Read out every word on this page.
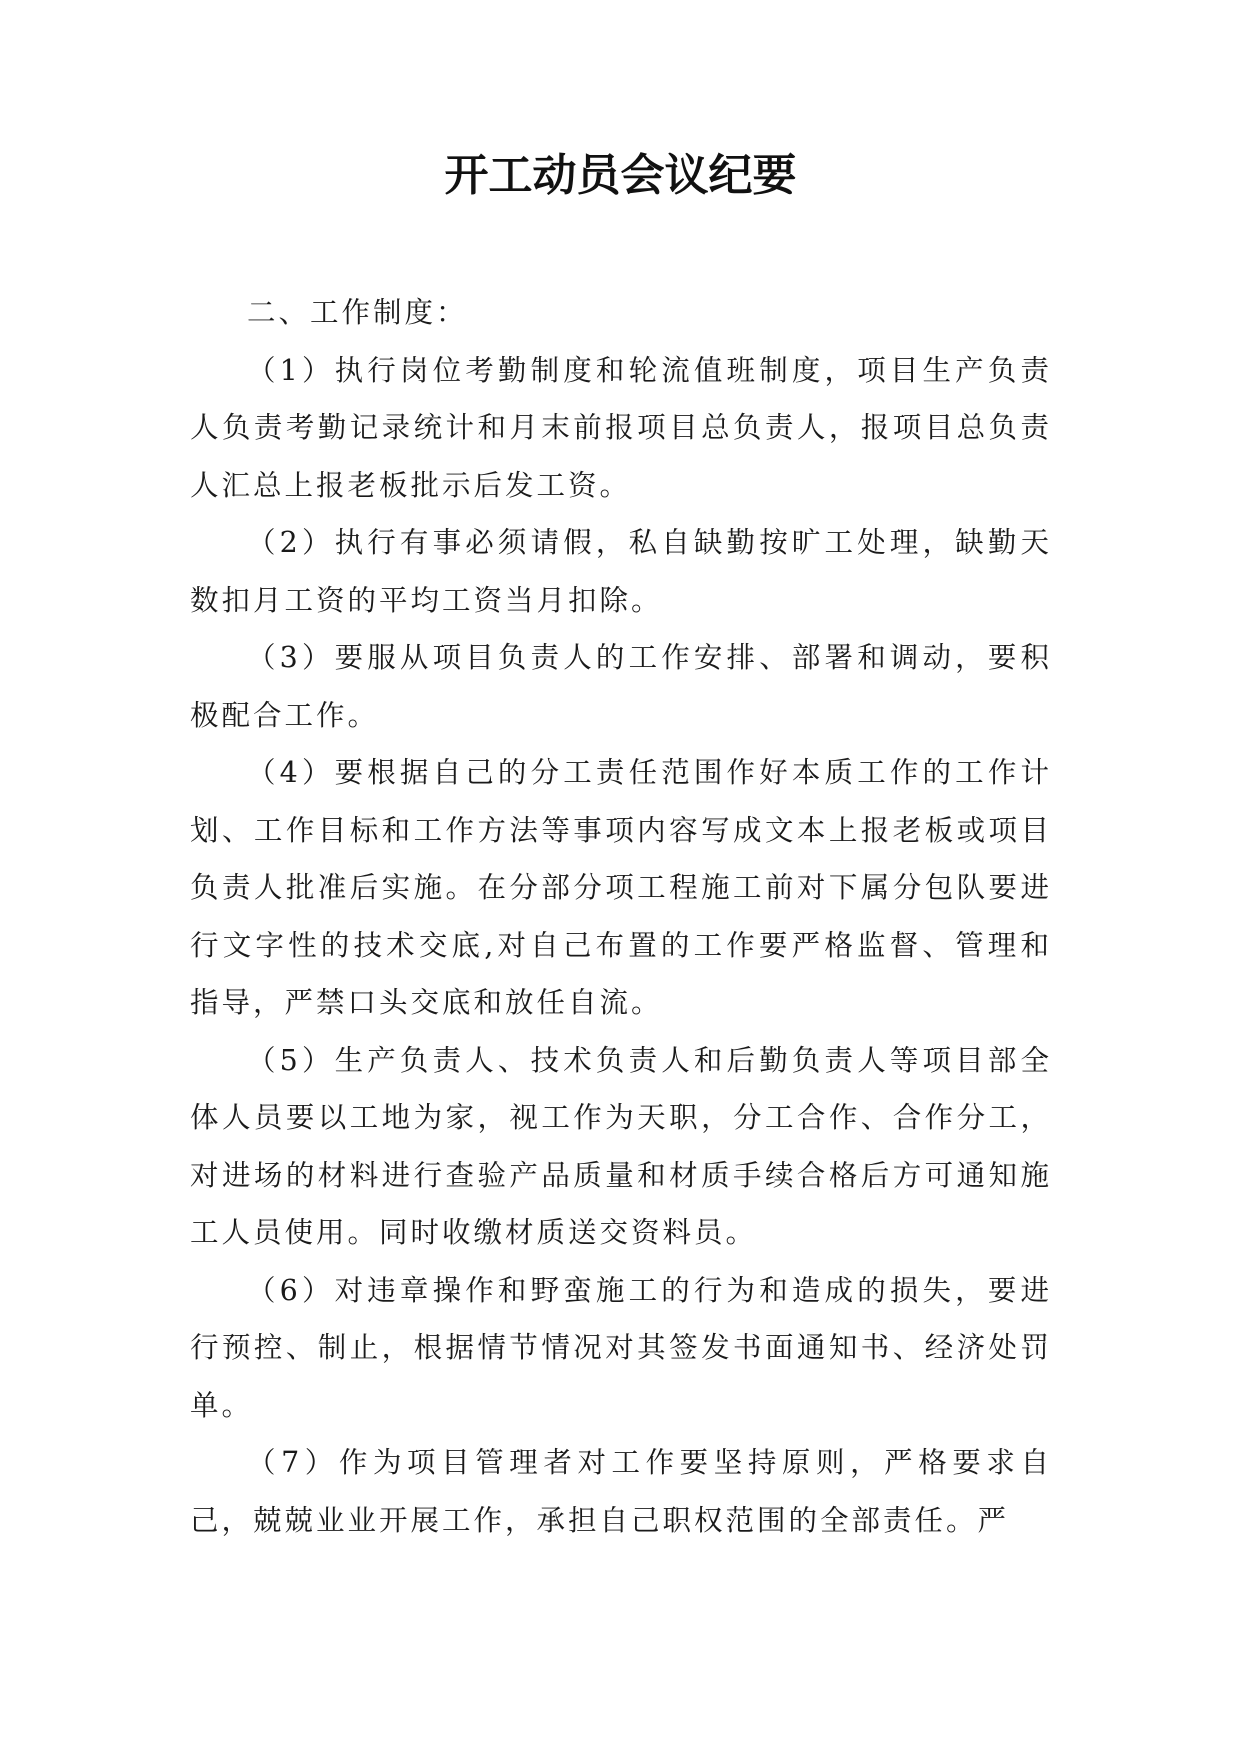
开工动员会议纪要

二、工作制度：

（1）执行岗位考勤制度和轮流值班制度，项目生产负责人负责考勤记录统计和月末前报项目总负责人，报项目总负责人汇总上报老板批示后发工资。

（2）执行有事必须请假，私自缺勤按旷工处理，缺勤天数扣月工资的平均工资当月扣除。

（3）要服从项目负责人的工作安排、部署和调动，要积极配合工作。

（4）要根据自己的分工责任范围作好本质工作的工作计划、工作目标和工作方法等事项内容写成文本上报老板或项目负责人批准后实施。在分部分项工程施工前对下属分包队要进行文字性的技术交底,对自己布置的工作要严格监督、管理和指导，严禁口头交底和放任自流。

（5）生产负责人、技术负责人和后勤负责人等项目部全体人员要以工地为家，视工作为天职，分工合作、合作分工，对进场的材料进行查验产品质量和材质手续合格后方可通知施工人员使用。同时收缴材质送交资料员。

（6）对违章操作和野蛮施工的行为和造成的损失，要进行预控、制止，根据情节情况对其签发书面通知书、经济处罚单。

（7）作为项目管理者对工作要坚持原则，严格要求自己，兢兢业业开展工作，承担自己职权范围的全部责任。严
